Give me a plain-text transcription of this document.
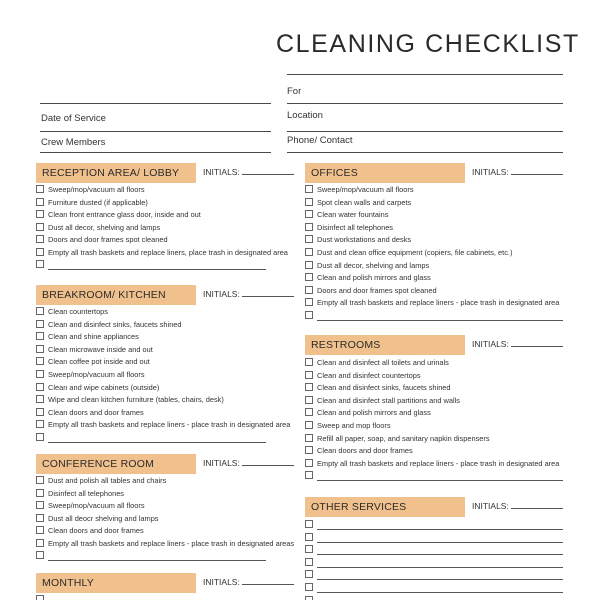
CLEANING CHECKLIST
For
Date of Service	Location
Crew Members	Phone/ Contact
RECEPTION AREA/ LOBBY	INITIALS:
Sweep/mop/vacuum all floors
Furniture dusted (if applicable)
Clean front entrance glass door, inside and out
Dust all decor, shelving and lamps
Doors and door frames spot cleaned
Empty all trash baskets and replace liners, place trash in designated area
BREAKROOM/ KITCHEN	INITIALS:
Clean countertops
Clean and disinfect sinks, faucets shined
Clean and shine appliances
Clean microwave inside and out
Clean coffee pot inside and out
Sweep/mop/vacuum all floors
Clean and wipe cabinets (outside)
Wipe and clean kitchen furniture (tables, chairs, desk)
Clean doors and door frames
Empty all trash baskets and replace liners - place trash in designated area
CONFERENCE ROOM	INITIALS:
Dust and polish all tables and chairs
Disinfect all telephones
Sweep/mop/vacuum all floors
Dust all deocr shelving and lamps
Clean doors and door frames
Empty all trash baskets and replace liners - place trash in designated areas
MONTHLY	INITIALS:
OFFICES	INITIALS:
Sweep/mop/vacuum all floors
Spot clean walls and carpets
Clean water fountains
Disinfect all telephones
Dust workstations and desks
Dust and clean office equipment (copiers, file cabinets, etc.)
Dust all decor, shelving and lamps
Clean and polish mirrors and glass
Doors and door frames spot cleaned
Empty all trash baskets and replace liners - place trash in designated area
RESTROOMS	INITIALS:
Clean and disinfect all toilets and urinals
Clean and disinfect countertops
Clean and disinfect sinks, faucets shined
Clean and disinfect stall partitions and walls
Clean and polish mirrors and glass
Sweep and mop floors
Refill all paper, soap, and sanitary napkin dispensers
Clean doors and door frames
Empty all trash baskets and replace liners - place trash in designated area
OTHER SERVICES	INITIALS:
